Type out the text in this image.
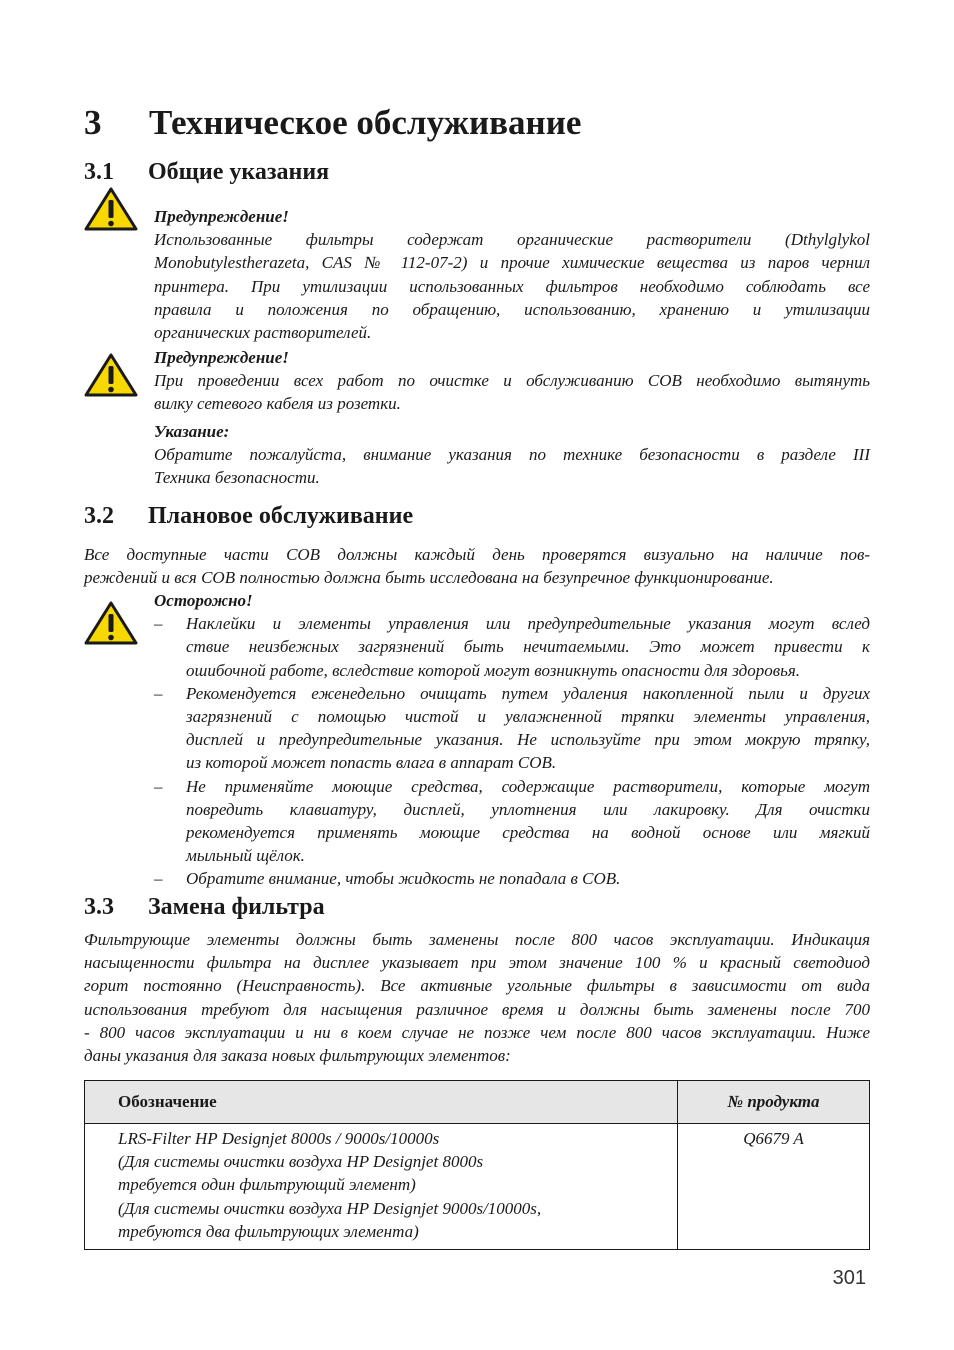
3 Техническое обслуживание
3.1 Общие указания
Предупреждение!
Использованные фильтры содержат органические растворители (Dthylglykol
Monobutylestherazeta, CAS № 112-07-2) и прочие химические вещества из паров чернил
принтера. При утилизации использованных фильтров необходимо соблюдать все
правила и положения по обращению, использованию, хранению и утилизации
органических растворителей.
Предупреждение!
При проведении всех работ по очистке и обслуживанию COB необходимо вытянуть
вилку сетевого кабеля из розетки.
Указание:
Обратите пожалуйста, внимание указания по технике безопасности в разделе III
Техника безопасности.
3.2 Плановое обслуживание
Все доступные части COB должны каждый день проверятся визуально на наличие пов-
реждений и вся COB полностью должна быть исследована на безупречное функционирование.
Осторожно!
– Наклейки и элементы управления или предупредительные указания могут вслед
ствие неизбежных загрязнений быть нечитаемыми. Это может привести к
ошибочной работе, вследствие которой могут возникнуть опасности для здоровья.
– Рекомендуется еженедельно очищать путем удаления накопленной пыли и других
загрязнений с помощью чистой и увлажненной тряпки элементы управления,
дисплей и предупредительные указания. Не используйте при этом мокрую тряпку,
из которой может попасть влага в аппарат COB.
– Не применяйте моющие средства, содержащие растворители, которые могут
повредить клавиатуру, дисплей, уплотнения или лакировку. Для очистки
рекомендуется применять моющие средства на водной основе или мягкий
мыльный щёлок.
– Обратите внимание, чтобы жидкость не попадала в COB.
3.3 Замена фильтра
Фильтрующие элементы должны быть заменены после 800 часов эксплуатации. Индикация
насыщенности фильтра на дисплее указывает при этом значение 100 % и красный светодиод
горит постоянно (Неисправность). Все активные угольные фильтры в зависимости от вида
использования требуют для насыщения различное время и должны быть заменены после 700
- 800 часов эксплуатации и ни в коем случае не позже чем после 800 часов эксплуатации. Ниже
даны указания для заказа новых фильтрующих элементов:
Обозначение	№ продукта

LRS-Filter HP Designjet 8000s / 9000s/10000s
(Для системы очистки воздуха HP Designjet 8000s
требуется один фильтрующий элемент)
(Для системы очистки воздуха HP Designjet 9000s/10000s,
требуются два фильтрующих элемента)	Q6679 A
301
